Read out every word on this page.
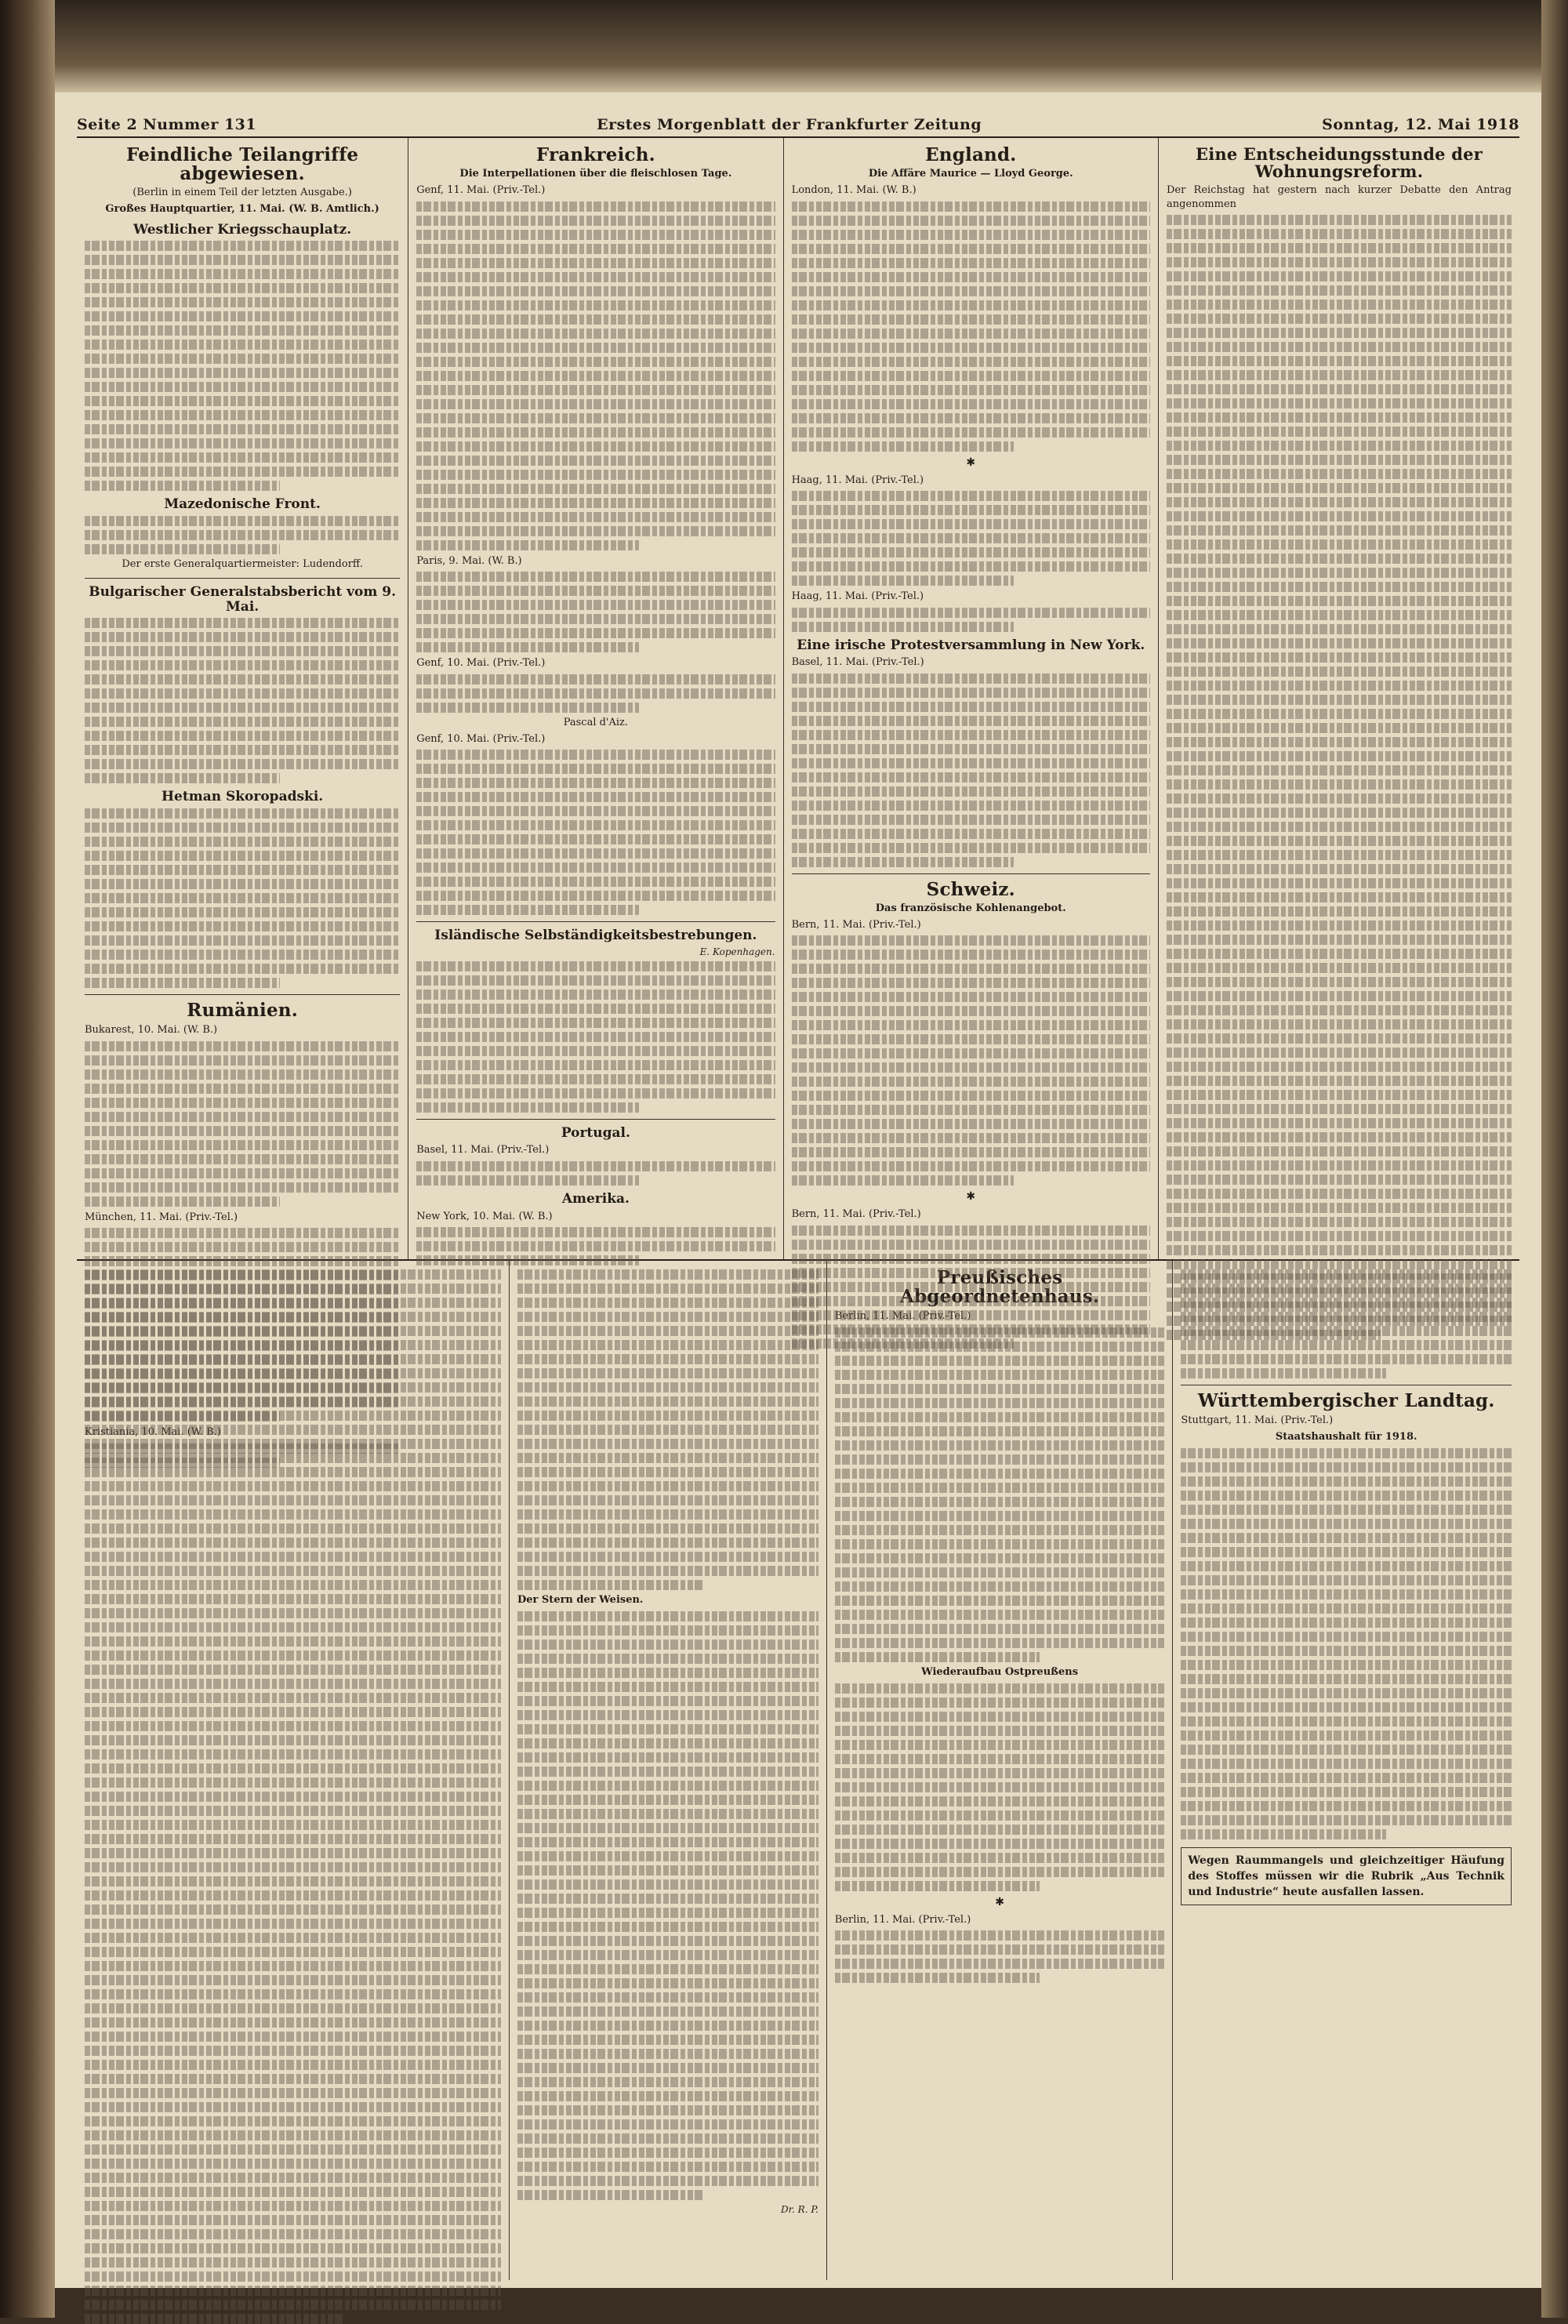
Seite 2 Nummer 131	Erstes Morgenblatt der Frankfurter Zeitung	Sonntag, 12. Mai 1918
Feindliche Teilangriffe abgewiesen.
(Berlin in einem Teil der letzten Ausgabe.)
Großes Hauptquartier, 11. Mai. (W. B. Amtlich.)
Westlicher Kriegsschauplatz.
Mazedonische Front.
Der erste Generalquartiermeister: Ludendorff.
Bulgarischer Generalstabsbericht vom 9. Mai.
Hetman Skoropadski.
Rumänien.
Bukarest, 10. Mai. (W. B.)
München, 11. Mai. (Priv.-Tel.)
Kristiania, 10. Mai. (W. B.)
Frankreich.
Die Interpellationen über die fleischlosen Tage.
Genf, 11. Mai. (Priv.-Tel.)
Paris, 9. Mai. (W. B.)
Genf, 10. Mai. (Priv.-Tel.)
Pascal d'Aiz.
Genf, 10. Mai. (Priv.-Tel.)
Isländische Selbständigkeitsbestrebungen.
E. Kopenhagen.
Portugal.
Basel, 11. Mai. (Priv.-Tel.)
Amerika.
New York, 10. Mai. (W. B.)
England.
Die Affäre Maurice — Lloyd George.
London, 11. Mai. (W. B.)
✱
Haag, 11. Mai. (Priv.-Tel.)
Haag, 11. Mai. (Priv.-Tel.)
Eine irische Protestversammlung in New York.
Basel, 11. Mai. (Priv.-Tel.)
Schweiz.
Das französische Kohlenangebot.
Bern, 11. Mai. (Priv.-Tel.)
✱
Bern, 11. Mai. (Priv.-Tel.)
Eine Entscheidungsstunde der Wohnungsreform.
Der Reichstag hat gestern nach kurzer Debatte den Antrag angenommen
Der Stern der Weisen.
Dr. R. P.
Preußisches Abgeordnetenhaus.
Berlin, 11. Mai. (Priv.-Tel.)
Wiederaufbau Ostpreußens
✱
Berlin, 11. Mai. (Priv.-Tel.)
Württembergischer Landtag.
Stuttgart, 11. Mai. (Priv.-Tel.)
Staatshaushalt für 1918.

Wegen Raummangels und gleichzeitiger Häufung des Stoffes müssen wir die Rubrik „Aus Technik und Industrie“ heute ausfallen lassen.
